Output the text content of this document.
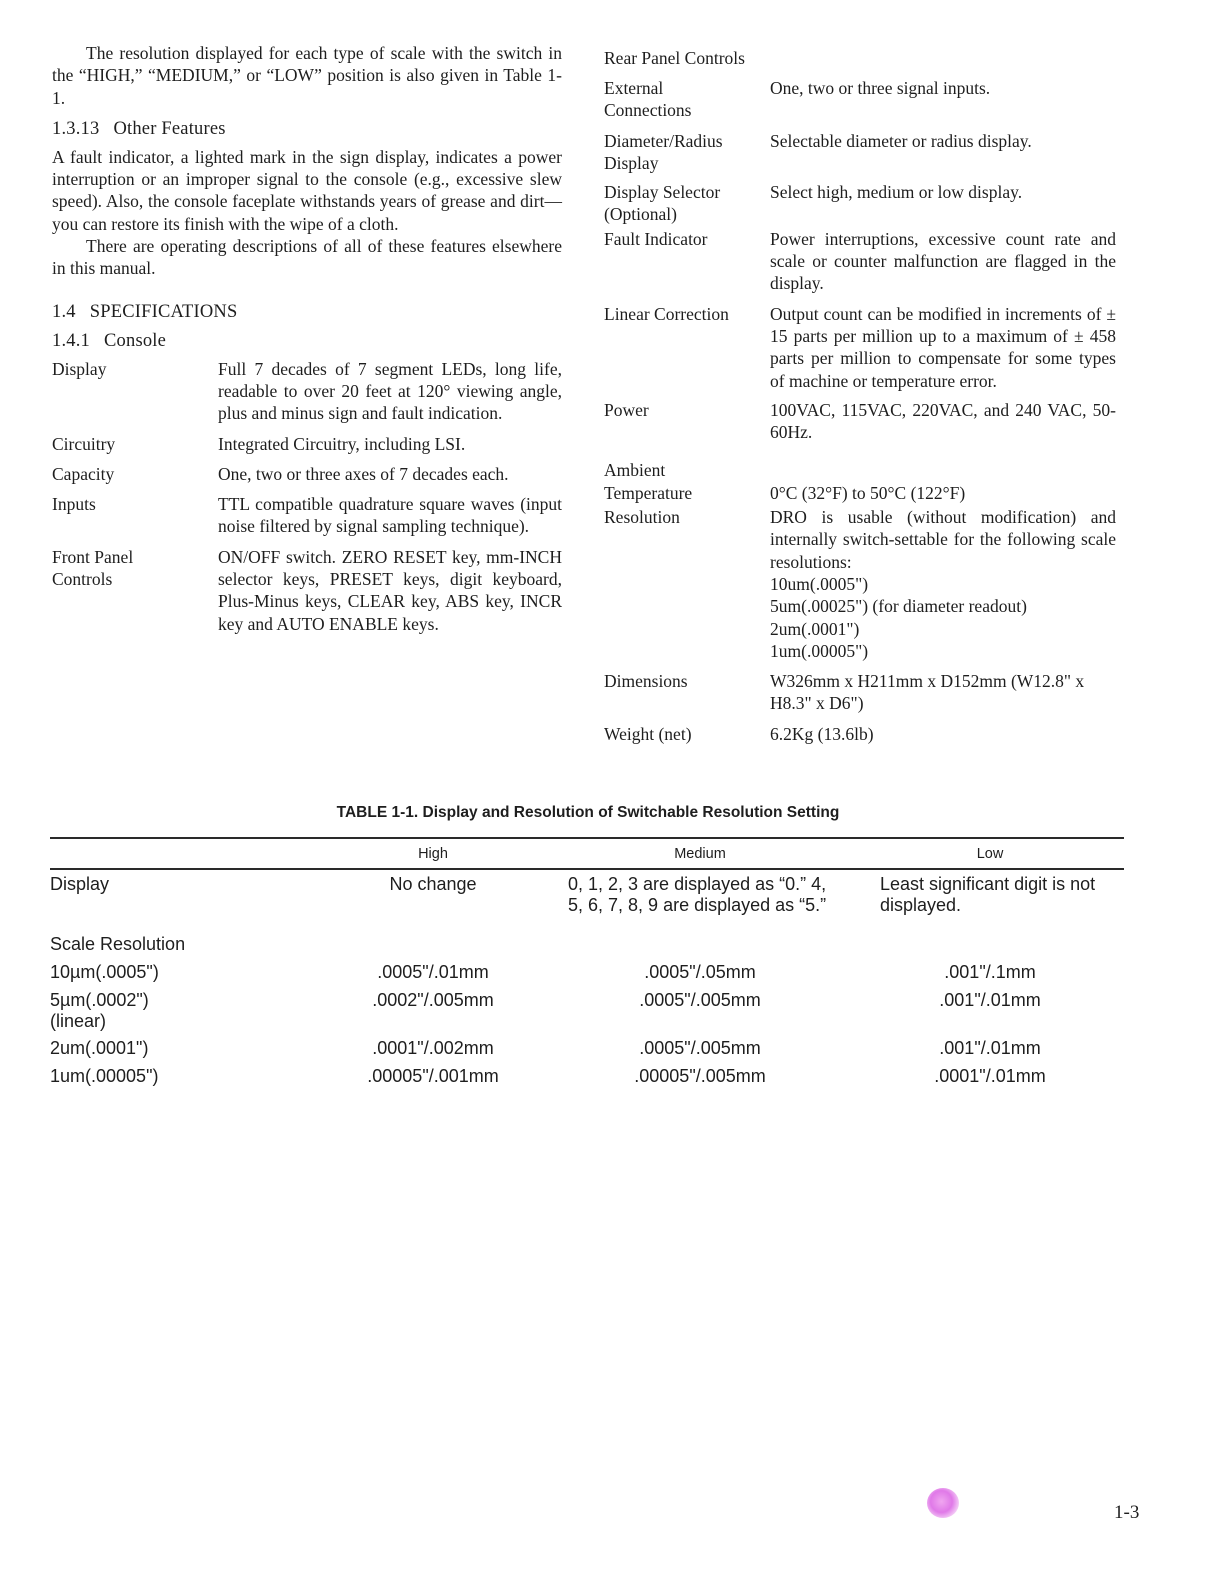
The resolution displayed for each type of scale with the switch in the “HIGH,” “MEDIUM,” or “LOW” position is also given in Table 1-1.

1.3.13 Other Features

A fault indicator, a lighted mark in the sign display, indicates a power interruption or an improper signal to the console (e.g., excessive slew speed). Also, the console faceplate withstands years of grease and dirt—you can restore its finish with the wipe of a cloth.

There are operating descriptions of all of these features elsewhere in this manual.

1.4 SPECIFICATIONS
1.4.1 Console
Display	Full 7 decades of 7 segment LEDs, long life, readable to over 20 feet at 120° viewing angle, plus and minus sign and fault indication.
Circuitry	Integrated Circuitry, including LSI.
Capacity	One, two or three axes of 7 decades each.
Inputs	TTL compatible quadrature square waves (input noise filtered by signal sampling technique).
Front Panel
Controls	ON/OFF switch. ZERO RESET key, mm-INCH selector keys, PRESET keys, digit keyboard, Plus-Minus keys, CLEAR key, ABS key, INCR key and AUTO ENABLE keys.

Rear Panel Controls

External
Connections	One, two or three signal inputs.
Diameter/Radius
Display	Selectable diameter or radius display.
Display Selector
(Optional)	Select high, medium or low display.
Fault Indicator	Power interruptions, excessive count rate and scale or counter malfunction are flagged in the display.
Linear Correction	Output count can be modified in increments of ± 15 parts per million up to a maximum of ± 458 parts per million to compensate for some types of machine or temperature error.
Power	100VAC, 115VAC, 220VAC, and 240 VAC, 50-60Hz.
Ambient
Temperature	0°C (32°F) to 50°C (122°F)
Resolution	DRO is usable (without modification) and internally switch-settable for the following scale resolutions:
10um(.0005")
5um(.00025") (for diameter readout)
2um(.0001")
1um(.00005")

Dimensions	W326mm x H211mm x D152mm (W12.8" x H8.3" x D6")
Weight (net)	6.2Kg (13.6lb)
TABLE 1-1. Display and Resolution of Switchable Resolution Setting
	High	Medium	Low
Display	No change	0, 1, 2, 3 are displayed as “0.” 4, 5, 6, 7, 8, 9 are displayed as “5.”	Least significant digit is not displayed.
Scale Resolution			
10µm(.0005")	.0005"/.01mm	.0005"/.05mm	.001"/.1mm
5µm(.0002")
(linear)	.0002"/.005mm	.0005"/.005mm	.001"/.01mm
2um(.0001")	.0001"/.002mm	.0005"/.005mm	.001"/.01mm
1um(.00005")	.00005"/.001mm	.00005"/.005mm	.0001"/.01mm
1-3
